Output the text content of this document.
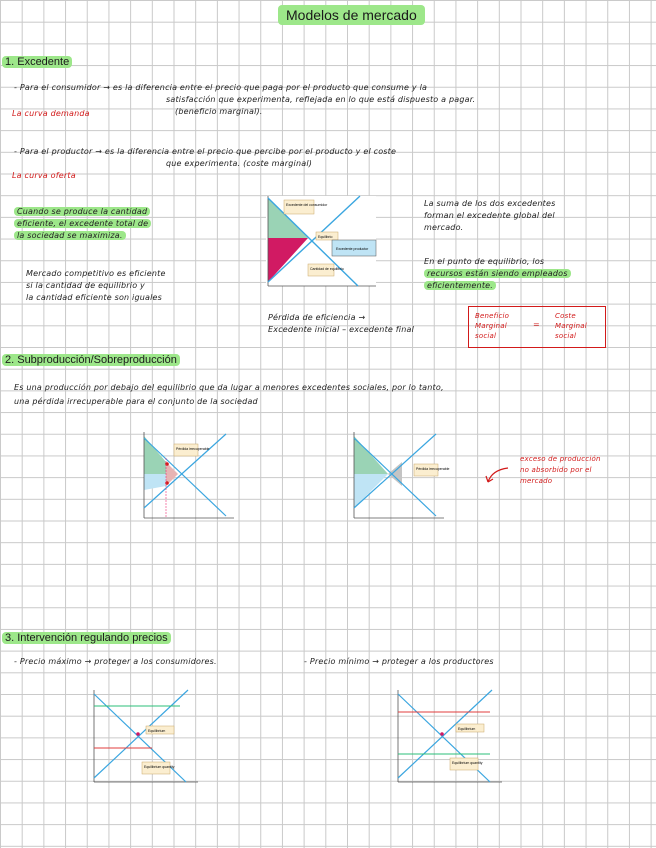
Modelos de mercado
1. Excedente
- Para el consumidor → es la diferencia entre el precio que paga por el producto que consume y la
satisfacción que experimenta, reflejada en lo que está dispuesto a pagar.
(beneficio marginal).
La curva demanda
- Para el productor → es la diferencia entre el precio que percibe por el producto y el coste
que experimenta. (coste marginal)
La curva oferta
Cuando se produce la cantidad
eficiente, el excedente total de
la sociedad se maximiza.
Mercado competitivo es eficiente
si la cantidad de equilibrio y
la cantidad eficiente son iguales
Excedente del consumidor
Equilibrio
Excedente productor
Cantidad de equilibrio
La suma de los dos excedentes
forman el excedente global del
mercado.
En el punto de equilibrio, los
recursos están siendo empleados
eficientemente.
Pérdida de eficiencia →
Excedente inicial – excedente final
Beneficio Marginal social
=
Coste Marginal social
2. Subproducción/Sobreproducción
Es una producción por debajo del equilibrio que da lugar a menores excedentes sociales, por lo tanto,
una pérdida irrecuperable para el conjunto de la sociedad
Pérdida irrecuperable
Pérdida irrecuperable
exceso de producción
no absorbido por el
mercado
3. Intervención regulando precios
- Precio máximo → proteger a los consumidores.	- Precio mínimo → proteger a los productores
Equilibrium
Equilibrium quantity
Equilibrium
Equilibrium quantity
